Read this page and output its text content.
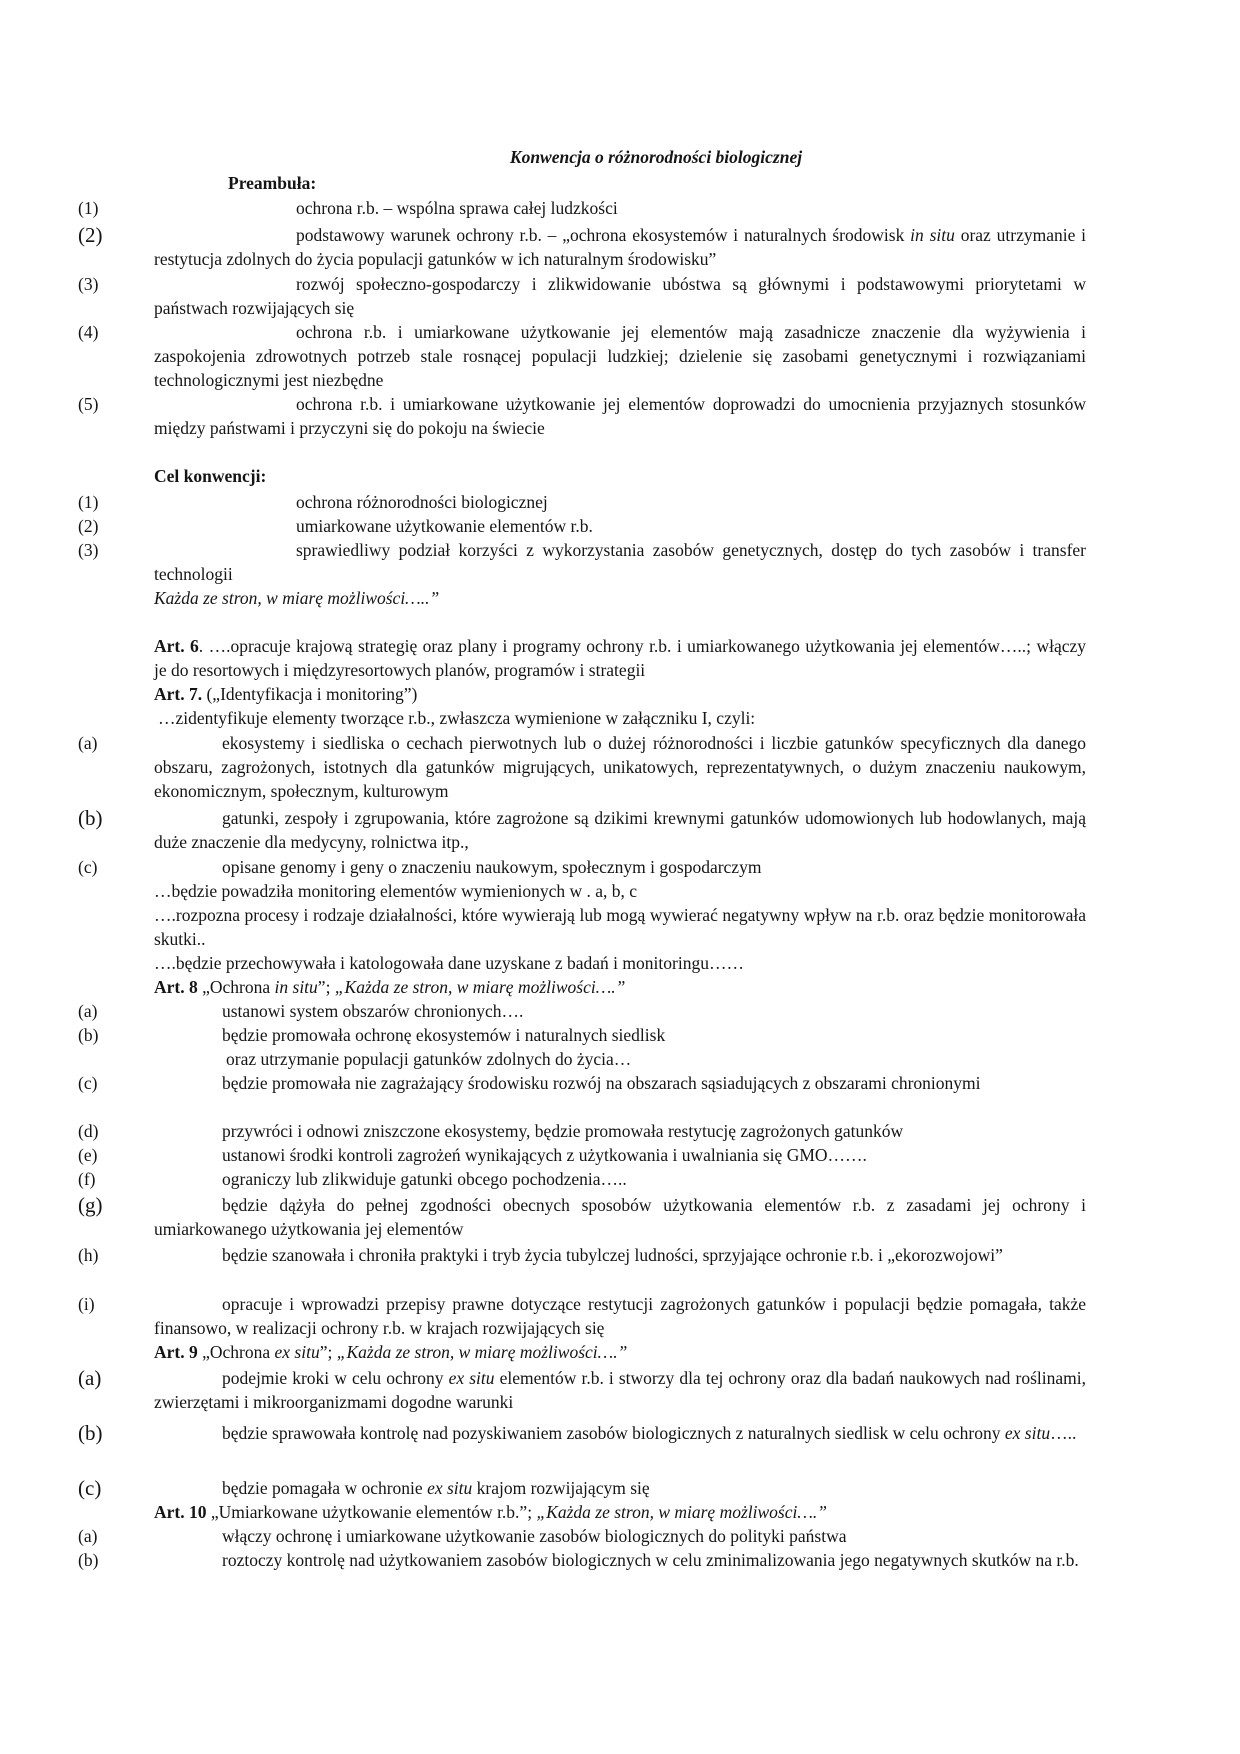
Konwencja o różnorodności biologicznej
Preambuła:
(1)	ochrona r.b. – wspólna sprawa całej ludzkości
(2)	podstawowy warunek ochrony r.b. – „ochrona ekosystemów i naturalnych środowisk in situ oraz utrzymanie i restytucja zdolnych do życia populacji gatunków w ich naturalnym środowisku”
(3)	rozwój społeczno-gospodarczy i zlikwidowanie ubóstwa są głównymi i podstawowymi priorytetami w państwach rozwijających się
(4)	ochrona r.b. i umiarkowane użytkowanie jej elementów mają zasadnicze znaczenie dla wyżywienia i zaspokojenia zdrowotnych potrzeb stale rosnącej populacji ludzkiej; dzielenie się zasobami genetycznymi i rozwiązaniami technologicznymi jest niezbędne
(5)	ochrona r.b. i umiarkowane użytkowanie jej elementów doprowadzi do umocnienia przyjaznych stosunków między państwami i przyczyni się do pokoju na świecie
Cel konwencji:
(1)	ochrona różnorodności biologicznej
(2)	umiarkowane użytkowanie elementów r.b.
(3)	sprawiedliwy podział korzyści z wykorzystania zasobów genetycznych, dostęp do tych zasobów i transfer technologii
Każda ze stron, w miarę możliwości…..”
Art. 6. ….opracuje krajową strategię oraz plany i programy ochrony r.b. i umiarkowanego użytkowania jej elementów…..; włączy je do resortowych i międzyresortowych planów, programów i strategii
Art. 7. („Identyfikacja i monitoring”)
…zidentyfikuje elementy tworzące r.b., zwłaszcza wymienione w załączniku I, czyli:
(a)	ekosystemy i siedliska o cechach pierwotnych lub o dużej różnorodności i liczbie gatunków specyficznych dla danego obszaru, zagrożonych, istotnych dla gatunków migrujących, unikatowych, reprezentatywnych, o dużym znaczeniu naukowym, ekonomicznym, społecznym, kulturowym
(b)	gatunki, zespoły i zgrupowania, które zagrożone są dzikimi krewnymi gatunków udomowionych lub hodowlanych, mają duże znaczenie dla medycyny, rolnictwa itp.,
(c)	opisane genomy i geny o znaczeniu naukowym, społecznym i gospodarczym
…będzie powadziła monitoring elementów wymienionych w . a, b, c
….rozpozna procesy i rodzaje działalności, które wywierają lub mogą wywierać negatywny wpływ na r.b. oraz będzie monitorowała skutki..
….będzie przechowywała i katologowała dane uzyskane z badań i monitoringu……
Art. 8 „Ochrona in situ”; „Każda ze stron, w miarę możliwości….”
(a)	ustanowi system obszarów chronionych….
(b)	będzie promowała ochronę ekosystemów i naturalnych siedlisk
oraz utrzymanie populacji gatunków zdolnych do życia…
(c)	będzie promowała nie zagrażający środowisku rozwój na obszarach sąsiadujących z obszarami chronionymi
(d)	przywróci i odnowi zniszczone ekosystemy, będzie promowała restytucję zagrożonych gatunków
(e)	ustanowi środki kontroli zagrożeń wynikających z użytkowania i uwalniania się GMO…….
(f)	ograniczy lub zlikwiduje gatunki obcego pochodzenia…..
(g)	będzie dążyła do pełnej zgodności obecnych sposobów użytkowania elementów r.b. z zasadami jej ochrony i umiarkowanego użytkowania jej elementów
(h)	będzie szanowała i chroniła praktyki i tryb życia tubylczej ludności, sprzyjające ochronie r.b. i „ekorozwojowi”
(i)	opracuje i wprowadzi przepisy prawne dotyczące restytucji zagrożonych gatunków i populacji będzie pomagała, także finansowo, w realizacji ochrony r.b. w krajach rozwijających się
Art. 9 „Ochrona ex situ”; „Każda ze stron, w miarę możliwości….”
(a)	podejmie kroki w celu ochrony ex situ elementów r.b. i stworzy dla tej ochrony oraz dla badań naukowych nad roślinami, zwierzętami i mikroorganizmami dogodne warunki
(b)	będzie sprawowała kontrolę nad pozyskiwaniem zasobów biologicznych z naturalnych siedlisk w celu ochrony ex situ…..
(c)	będzie pomagała w ochronie ex situ krajom rozwijającym się
Art. 10 „Umiarkowane użytkowanie elementów r.b.”; „Każda ze stron, w miarę możliwości….”
(a)	włączy ochronę i umiarkowane użytkowanie zasobów biologicznych do polityki państwa
(b)	roztoczy kontrolę nad użytkowaniem zasobów biologicznych w celu zminimalizowania jego negatywnych skutków na r.b.
